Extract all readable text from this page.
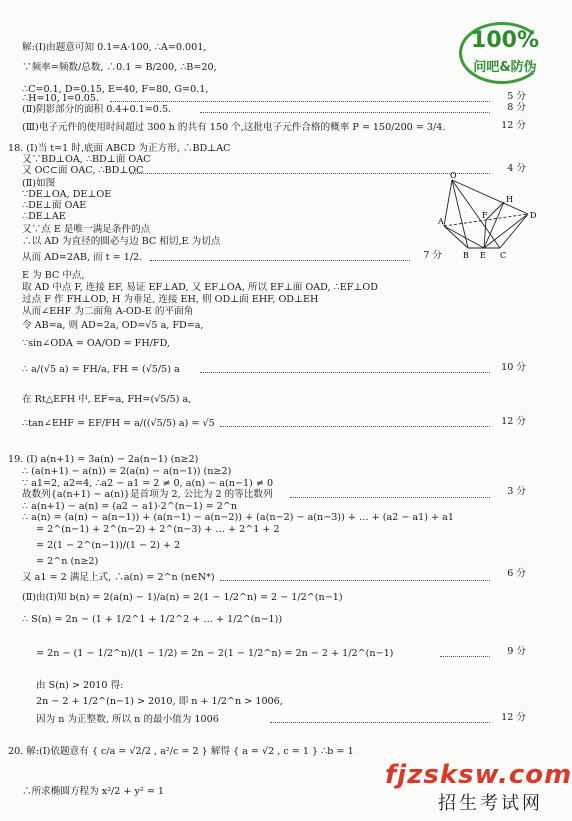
100%
问吧&防伪
解:(Ⅰ)由题意可知 0.1=A·100, ∴A=0.001,
∵频率=频数/总数, ∴0.1 = B/200, ∴B=20,
∴C=0.1, D=0.15, E=40, F=80, G=0.1,
∴H=10, I=0.05.	5 分
(Ⅱ)阴影部分的面积 0.4+0.1=0.5.	8 分
(Ⅲ)电子元件的使用时间超过 300 h 的共有 150 个,这批电子元件合格的概率 P = 150/200 = 3/4.	12 分
18. (Ⅰ)当 t=1 时,底面 ABCD 为正方形, ∴BD⊥AC
又∵BD⊥OA, ∴BD⊥面 OAC
又 OC⊂面 OAC, ∴BD⊥OC	4 分
(Ⅱ)如图
∵DE⊥OA, DE⊥OE
∴DE⊥面 OAE
∴DE⊥AE
又∵点 E 是唯一满足条件的点
∴以 AD 为直径的圆必与边 BC 相切,E 为切点
从而 AD=2AB, 而 t = 1/2.	7 分
O
A
B E C
D
F
H
E 为 BC 中点,
取 AD 中点 F, 连接 EF, 易证 EF⊥AD, 又 EF⊥OA, 所以 EF⊥面 OAD, ∴EF⊥OD
过点 F 作 FH⊥OD, H 为垂足, 连接 EH, 则 OD⊥面 EHF, OD⊥EH
从而∠EHF 为二面角 A-OD-E 的平面角
令 AB=a, 则 AD=2a, OD=√5 a, FD=a,
∵sin∠ODA = OA/OD = FH/FD,
∴ a/(√5 a) = FH/a, FH = (√5/5) a	10 分
在 Rt△EFH 中, EF=a, FH=(√5/5) a,
∴tan∠EHF = EF/FH = a/((√5/5) a) = √5	12 分
19. (Ⅰ) a(n+1) = 3a(n) − 2a(n−1) (n≥2)
∴ (a(n+1) − a(n)) = 2(a(n) − a(n−1)) (n≥2)
∵ a1=2, a2=4, ∴a2 − a1 = 2 ≠ 0, a(n) − a(n−1) ≠ 0
故数列{a(n+1) − a(n)}是首项为 2, 公比为 2 的等比数列	3 分
∴ a(n+1) − a(n) = (a2 − a1)·2^(n−1) = 2^n
∴ a(n) = (a(n) − a(n−1)) + (a(n−1) − a(n−2)) + (a(n−2) − a(n−3)) + … + (a2 − a1) + a1
= 2^(n−1) + 2^(n−2) + 2^(n−3) + … + 2^1 + 2
= 2(1 − 2^(n−1))/(1 − 2) + 2
= 2^n (n≥2)
又 a1 = 2 满足上式, ∴a(n) = 2^n (n∈N*)	6 分
(Ⅱ)由(Ⅰ)知 b(n) = 2(a(n) − 1)/a(n) = 2(1 − 1/2^n) = 2 − 1/2^(n−1)
∴ S(n) = 2n − (1 + 1/2^1 + 1/2^2 + … + 1/2^(n−1))
= 2n − (1 − 1/2^n)/(1 − 1/2) = 2n − 2(1 − 1/2^n) = 2n − 2 + 1/2^(n−1)	9 分
由 S(n) > 2010 得:
2n − 2 + 1/2^(n−1) > 2010, 即 n + 1/2^n > 1006,
因为 n 为正整数, 所以 n 的最小值为 1006	12 分
20. 解:(Ⅰ)依题意有 { c/a = √2/2 , a²/c = 2 } 解得 { a = √2 , c = 1 } ∴b = 1
∴所求椭圆方程为 x²/2 + y² = 1
fjzsksw.com
招生考试网
